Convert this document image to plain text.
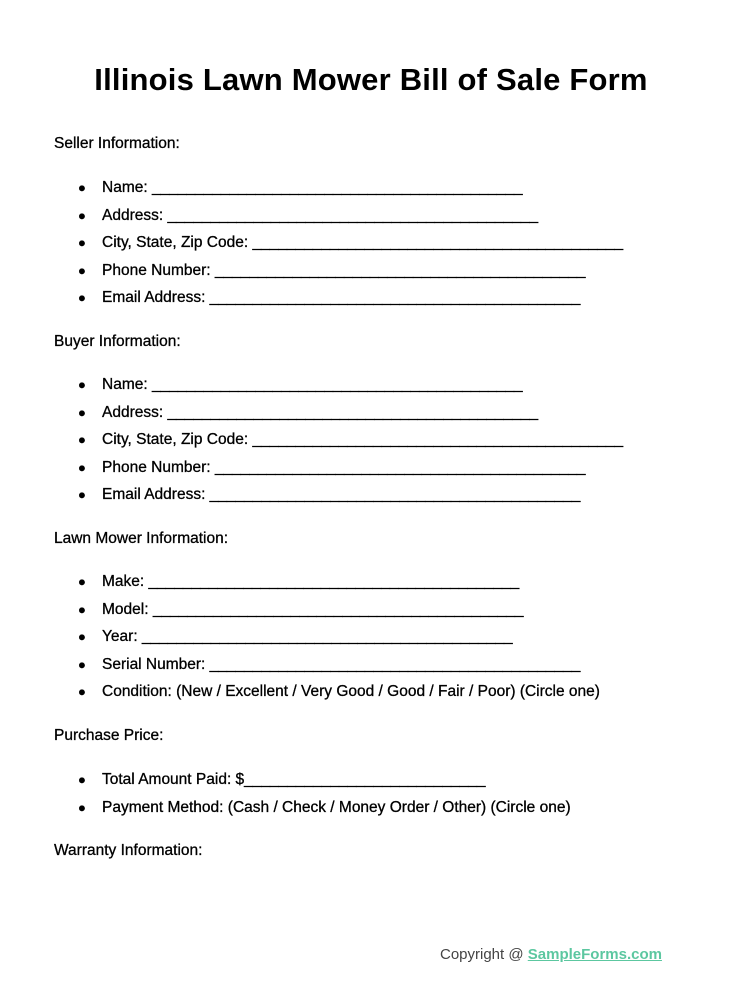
Illinois Lawn Mower Bill of Sale Form
Seller Information:
● Name: ___________________________________________
● Address: ___________________________________________
● City, State, Zip Code: ___________________________________________
● Phone Number: ___________________________________________
● Email Address: ___________________________________________
Buyer Information:
● Name: ___________________________________________
● Address: ___________________________________________
● City, State, Zip Code: ___________________________________________
● Phone Number: ___________________________________________
● Email Address: ___________________________________________
Lawn Mower Information:
● Make: ___________________________________________
● Model: ___________________________________________
● Year: ___________________________________________
● Serial Number: ___________________________________________
● Condition: (New / Excellent / Very Good / Good / Fair / Poor) (Circle one)
Purchase Price:
● Total Amount Paid: $____________________________
● Payment Method: (Cash / Check / Money Order / Other) (Circle one)
Warranty Information:
Copyright @ SampleForms.com
